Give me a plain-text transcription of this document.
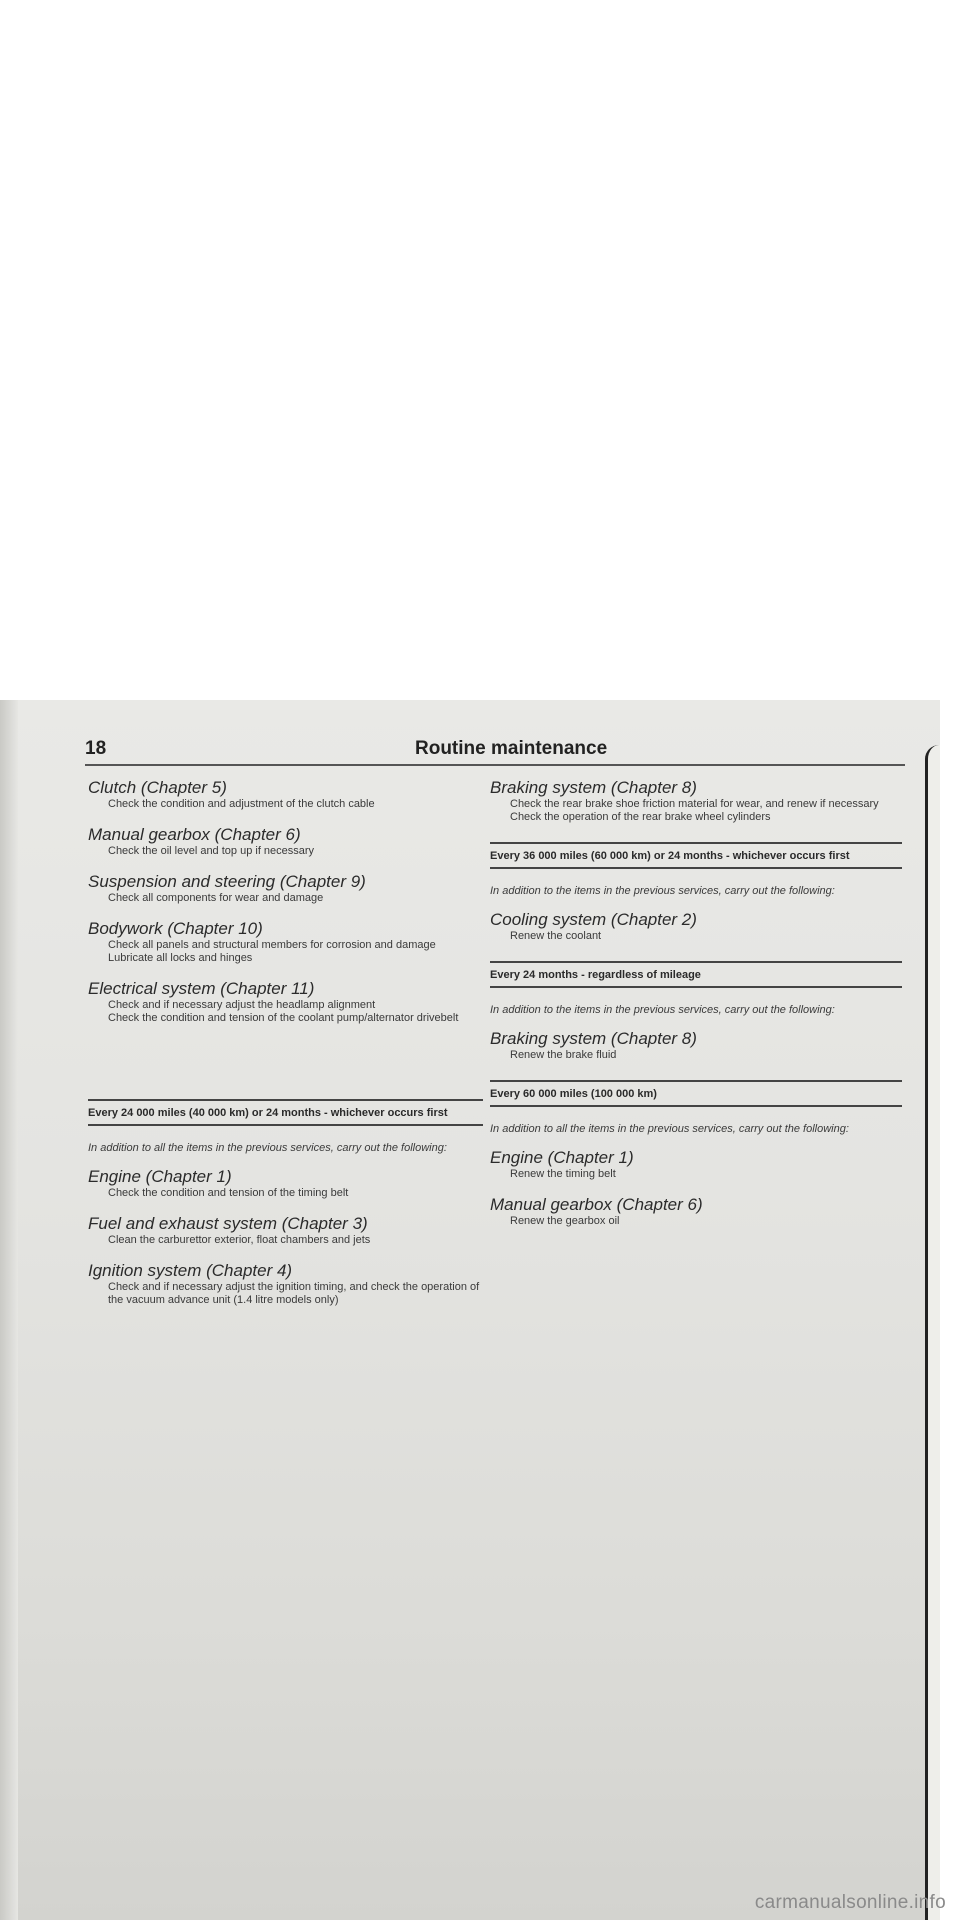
18	Routine maintenance
Clutch (Chapter 5)
Check the condition and adjustment of the clutch cable
Manual gearbox (Chapter 6)
Check the oil level and top up if necessary
Suspension and steering (Chapter 9)
Check all components for wear and damage
Bodywork (Chapter 10)
Check all panels and structural members for corrosion and damage
Lubricate all locks and hinges
Electrical system (Chapter 11)
Check and if necessary adjust the headlamp alignment
Check the condition and tension of the coolant pump/alternator drivebelt
Every 24 000 miles (40 000 km) or 24 months - whichever occurs first
In addition to all the items in the previous services, carry out the following:
Engine (Chapter 1)
Check the condition and tension of the timing belt
Fuel and exhaust system (Chapter 3)
Clean the carburettor exterior, float chambers and jets
Ignition system (Chapter 4)
Check and if necessary adjust the ignition timing, and check the operation of the vacuum advance unit (1.4 litre models only)
Braking system (Chapter 8)
Check the rear brake shoe friction material for wear, and renew if necessary
Check the operation of the rear brake wheel cylinders
Every 36 000 miles (60 000 km) or 24 months - whichever occurs first
In addition to the items in the previous services, carry out the following:
Cooling system (Chapter 2)
Renew the coolant
Every 24 months - regardless of mileage
In addition to the items in the previous services, carry out the following:
Braking system (Chapter 8)
Renew the brake fluid
Every 60 000 miles (100 000 km)
In addition to all the items in the previous services, carry out the following:
Engine (Chapter 1)
Renew the timing belt
Manual gearbox (Chapter 6)
Renew the gearbox oil
carmanualsonline.info
